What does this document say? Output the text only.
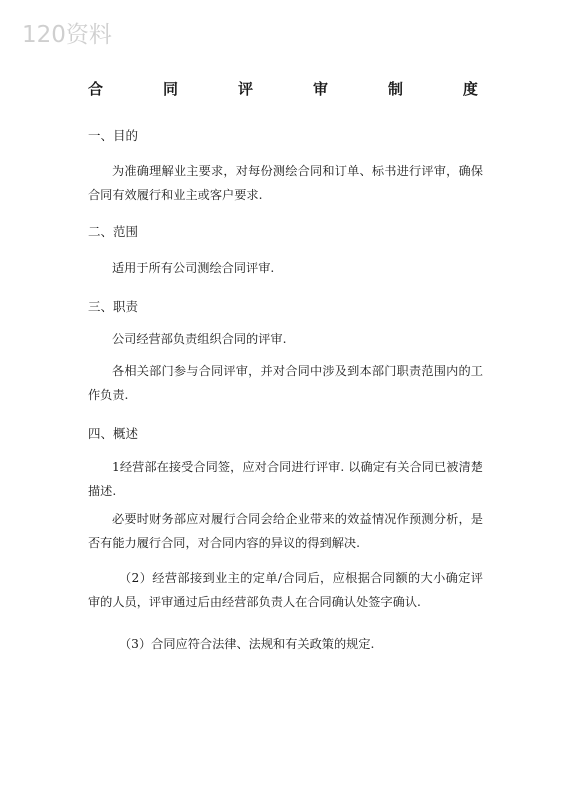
120资料
合	同	评	审	制	度
一、目的
为准确理解业主要求，对每份测绘合同和订单、标书进行评审，确保合同有效履行和业主或客户要求.
二、范围
适用于所有公司测绘合同评审.
三、职责
公司经营部负责组织合同的评审.
各相关部门参与合同评审，并对合同中涉及到本部门职责范围内的工作负责.
四、概述
1经营部在接受合同签，应对合同进行评审. 以确定有关合同已被清楚描述.
必要时财务部应对履行合同会给企业带来的效益情况作预测分析，是否有能力履行合同，对合同内容的异议的得到解决.
（2）经营部接到业主的定单/合同后，应根据合同额的大小确定评审的人员，评审通过后由经营部负责人在合同确认处签字确认.
（3）合同应符合法律、法规和有关政策的规定.
